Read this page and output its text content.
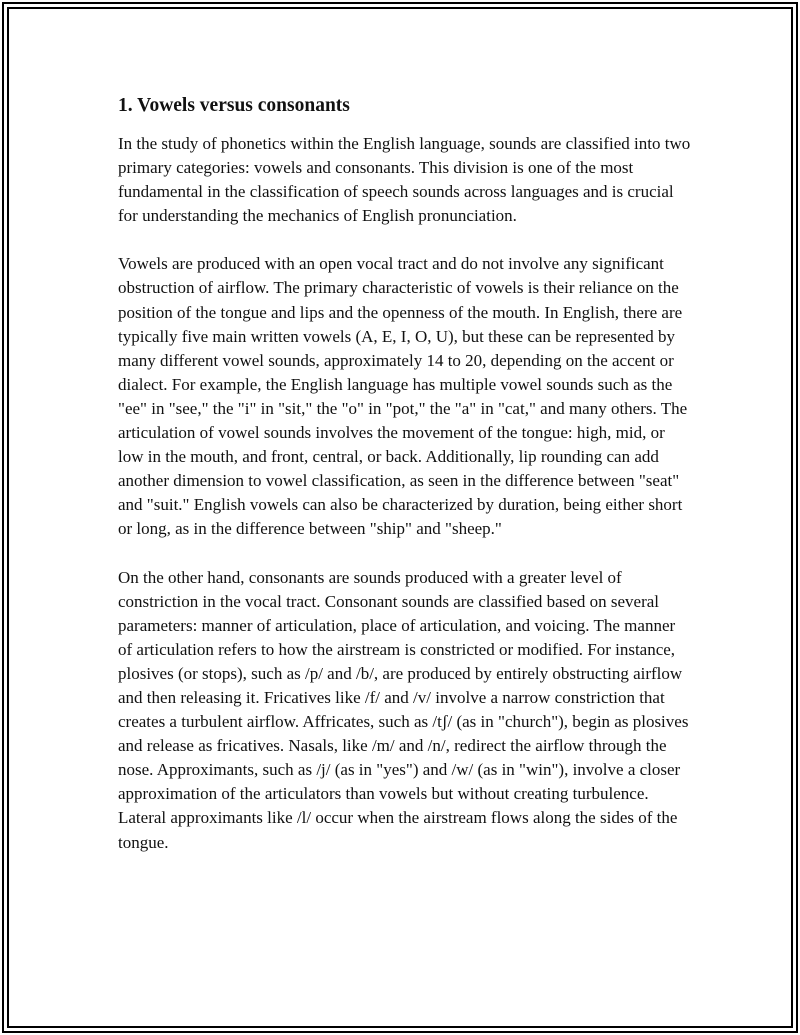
1. Vowels versus consonants

In the study of phonetics within the English language, sounds are classified into two primary categories: vowels and consonants. This division is one of the most fundamental in the classification of speech sounds across languages and is crucial for understanding the mechanics of English pronunciation.

Vowels are produced with an open vocal tract and do not involve any significant obstruction of airflow. The primary characteristic of vowels is their reliance on the position of the tongue and lips and the openness of the mouth. In English, there are typically five main written vowels (A, E, I, O, U), but these can be represented by many different vowel sounds, approximately 14 to 20, depending on the accent or dialect. For example, the English language has multiple vowel sounds such as the "ee" in "see," the "i" in "sit," the "o" in "pot," the "a" in "cat," and many others. The articulation of vowel sounds involves the movement of the tongue: high, mid, or low in the mouth, and front, central, or back. Additionally, lip rounding can add another dimension to vowel classification, as seen in the difference between "seat" and "suit." English vowels can also be characterized by duration, being either short or long, as in the difference between "ship" and "sheep."

On the other hand, consonants are sounds produced with a greater level of constriction in the vocal tract. Consonant sounds are classified based on several parameters: manner of articulation, place of articulation, and voicing. The manner of articulation refers to how the airstream is constricted or modified. For instance, plosives (or stops), such as /p/ and /b/, are produced by entirely obstructing airflow and then releasing it. Fricatives like /f/ and /v/ involve a narrow constriction that creates a turbulent airflow. Affricates, such as /tʃ/ (as in "church"), begin as plosives and release as fricatives. Nasals, like /m/ and /n/, redirect the airflow through the nose. Approximants, such as /j/ (as in "yes") and /w/ (as in "win"), involve a closer approximation of the articulators than vowels but without creating turbulence. Lateral approximants like /l/ occur when the airstream flows along the sides of the tongue.
